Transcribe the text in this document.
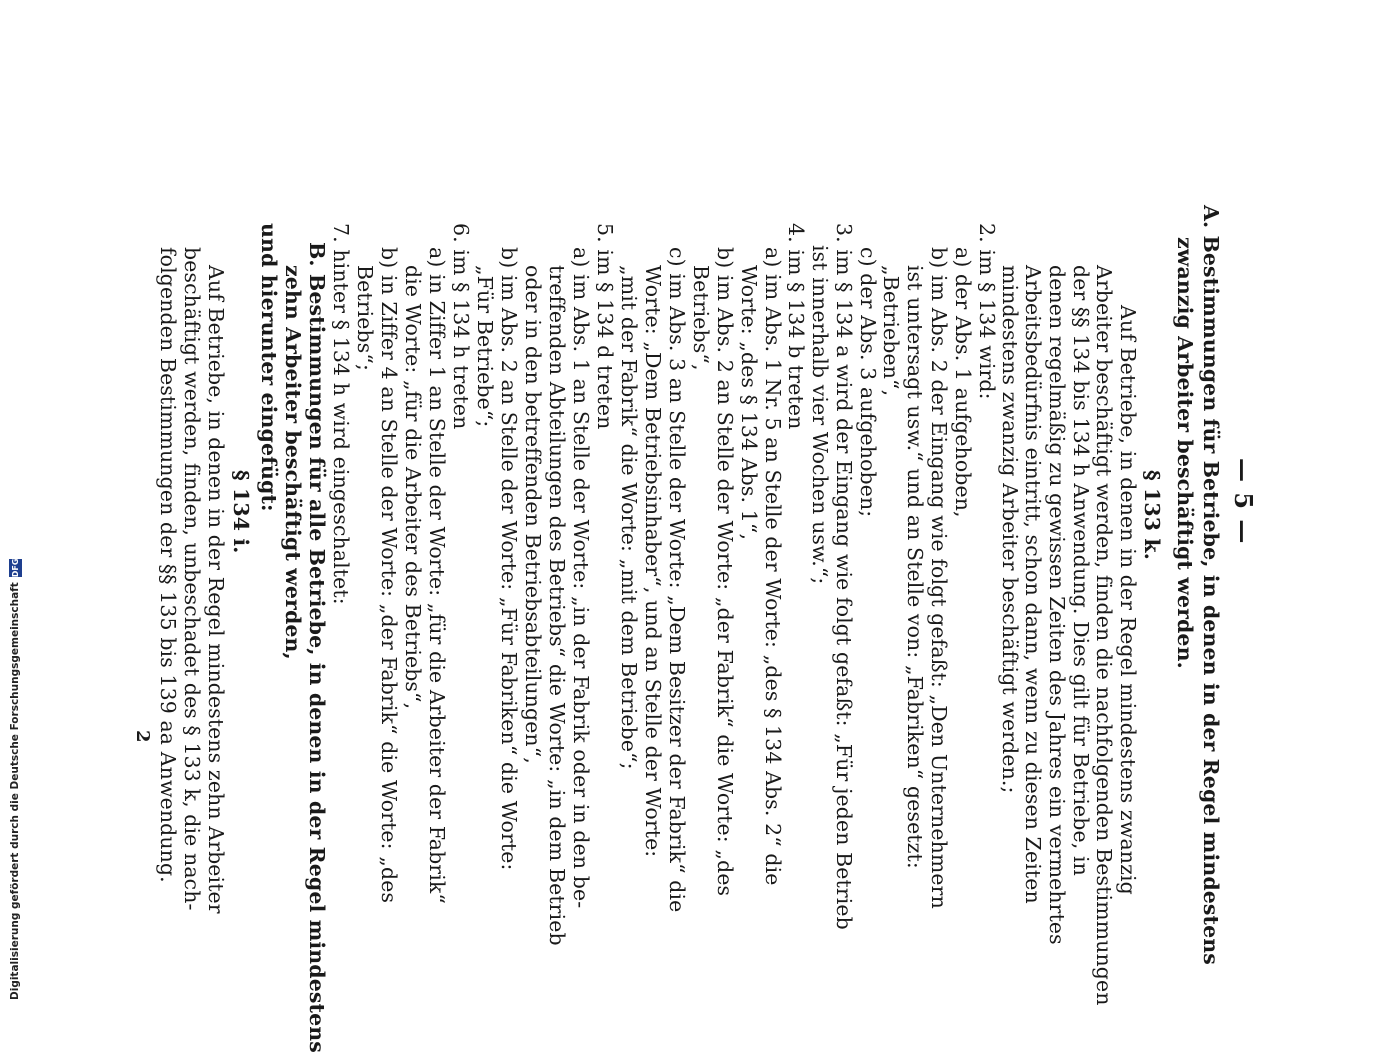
— 5 —
A. Bestimmungen für Betriebe, in denen in der Regel mindestens
zwanzig Arbeiter beschäftigt werden.
§ 133 k.
Auf Betriebe, in denen in der Regel mindestens zwanzig
Arbeiter beschäftigt werden, finden die nachfolgenden Bestimmungen
der §§ 134 bis 134 h Anwendung. Dies gilt für Betriebe, in
denen regelmäßig zu gewissen Zeiten des Jahres ein vermehrtes
Arbeitsbedürfnis eintritt, schon dann, wenn zu diesen Zeiten
mindestens zwanzig Arbeiter beschäftigt werden.;
2. im § 134 wird:
a) der Abs. 1 aufgehoben,
b) im Abs. 2 der Eingang wie folgt gefaßt: „Den Unternehmern
ist untersagt usw.“ und an Stelle von: „Fabriken“ gesetzt:
„Betrieben“,
c) der Abs. 3 aufgehoben;
3. im § 134 a wird der Eingang wie folgt gefaßt: „Für jeden Betrieb
ist innerhalb vier Wochen usw.“;
4. im § 134 b treten
a) im Abs. 1 Nr. 5 an Stelle der Worte: „des § 134 Abs. 2“ die
Worte: „des § 134 Abs. 1“,
b) im Abs. 2 an Stelle der Worte: „der Fabrik“ die Worte: „des
Betriebs“,
c) im Abs. 3 an Stelle der Worte: „Dem Besitzer der Fabrik“ die
Worte: „Dem Betriebsinhaber“, und an Stelle der Worte:
„mit der Fabrik“ die Worte: „mit dem Betriebe“;
5. im § 134 d treten
a) im Abs. 1 an Stelle der Worte: „in der Fabrik oder in den be-
treffenden Abteilungen des Betriebs“ die Worte: „in dem Betrieb
oder in den betreffenden Betriebsabteilungen“,
b) im Abs. 2 an Stelle der Worte: „Für Fabriken“ die Worte:
„Für Betriebe“;
6. im § 134 h treten
a) in Ziffer 1 an Stelle der Worte: „für die Arbeiter der Fabrik“
die Worte: „für die Arbeiter des Betriebs“,
b) in Ziffer 4 an Stelle der Worte: „der Fabrik“ die Worte: „des
Betriebs“;
7. hinter § 134 h wird eingeschaltet:
B. Bestimmungen für alle Betriebe, in denen in der Regel mindestens
zehn Arbeiter beschäftigt werden,
und hierunter eingefügt:
§ 134 i.
Auf Betriebe, in denen in der Regel mindestens zehn Arbeiter
beschäftigt werden, finden, unbeschadet des § 133 k, die nach-
folgenden Bestimmungen der §§ 135 bis 139 aa Anwendung.
2
Digitalisierung gefördert durch die Deutsche Forschungsgemeinschaft
DFG
